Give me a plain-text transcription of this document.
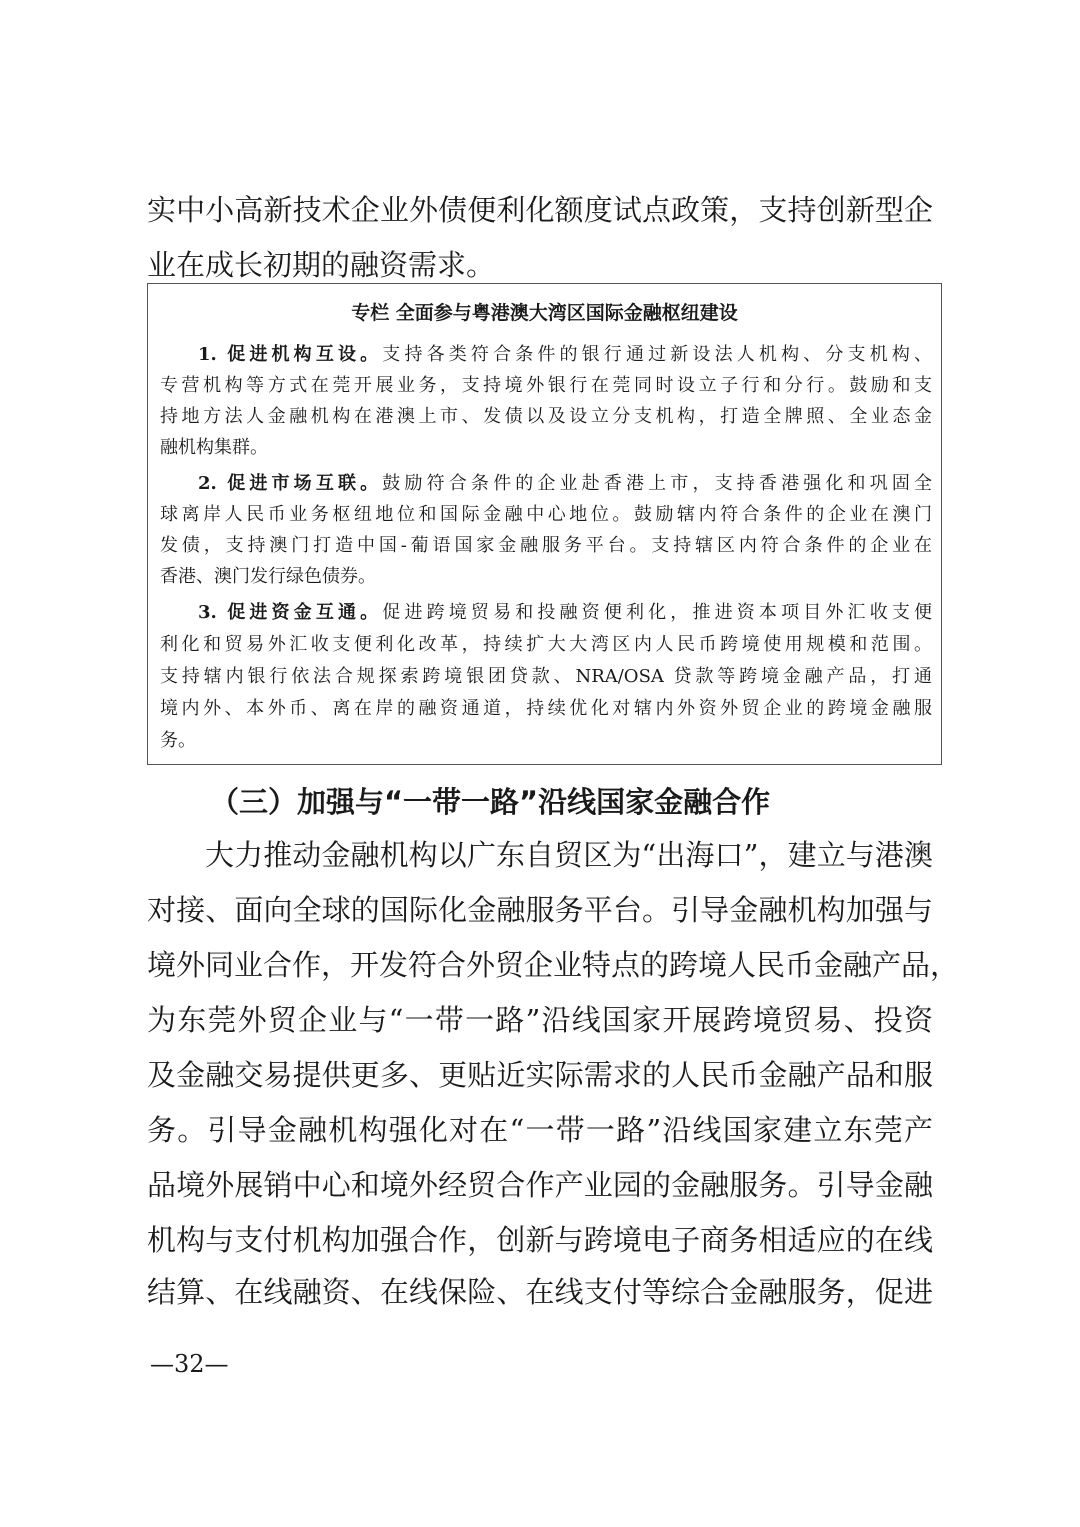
实中小高新技术企业外债便利化额度试点政策，支持创新型企
业在成长初期的融资需求。
专栏 全面参与粤港澳大湾区国际金融枢纽建设
1. 促进机构互设。支持各类符合条件的银行通过新设法人机构、分支机构、
专营机构等方式在莞开展业务，支持境外银行在莞同时设立子行和分行。鼓励和支
持地方法人金融机构在港澳上市、发债以及设立分支机构，打造全牌照、全业态金
融机构集群。
2. 促进市场互联。鼓励符合条件的企业赴香港上市，支持香港强化和巩固全
球离岸人民币业务枢纽地位和国际金融中心地位。鼓励辖内符合条件的企业在澳门
发债，支持澳门打造中国-葡语国家金融服务平台。支持辖区内符合条件的企业在
香港、澳门发行绿色债券。
3. 促进资金互通。促进跨境贸易和投融资便利化，推进资本项目外汇收支便
利化和贸易外汇收支便利化改革，持续扩大大湾区内人民币跨境使用规模和范围。
支持辖内银行依法合规探索跨境银团贷款、NRA/OSA 贷款等跨境金融产品，打通
境内外、本外币、离在岸的融资通道，持续优化对辖内外资外贸企业的跨境金融服
务。
（三）加强与“一带一路”沿线国家金融合作
大力推动金融机构以广东自贸区为“出海口”，建立与港澳
对接、面向全球的国际化金融服务平台。引导金融机构加强与
境外同业合作，开发符合外贸企业特点的跨境人民币金融产品，
为东莞外贸企业与“一带一路”沿线国家开展跨境贸易、投资
及金融交易提供更多、更贴近实际需求的人民币金融产品和服
务。引导金融机构强化对在“一带一路”沿线国家建立东莞产
品境外展销中心和境外经贸合作产业园的金融服务。引导金融
机构与支付机构加强合作，创新与跨境电子商务相适应的在线
结算、在线融资、在线保险、在线支付等综合金融服务，促进
—32—
